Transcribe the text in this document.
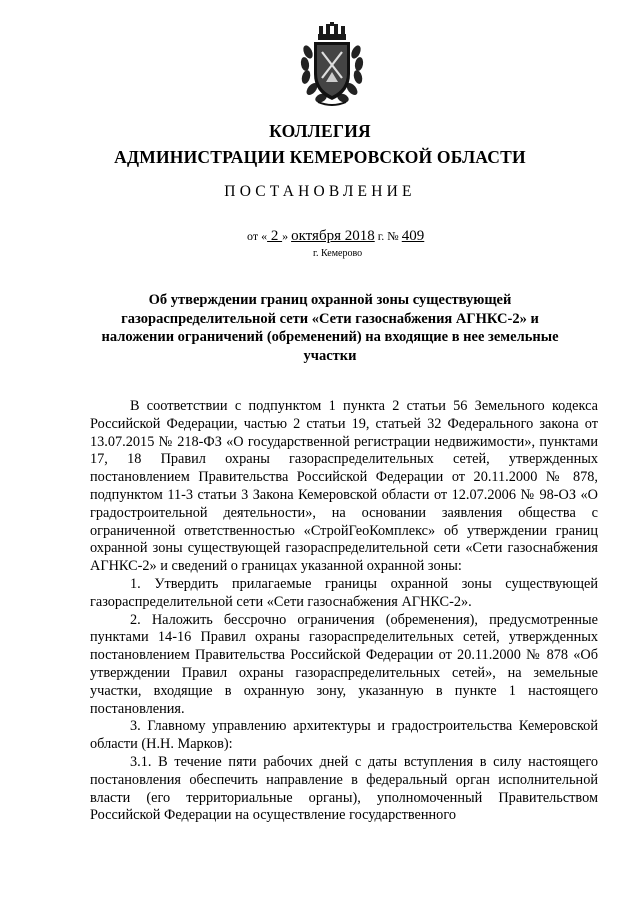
КОЛЛЕГИЯ
АДМИНИСТРАЦИИ КЕМЕРОВСКОЙ ОБЛАСТИ
ПОСТАНОВЛЕНИЕ
от « 2 » октября 2018 г. № 409
г. Кемерово
Об утверждении границ охранной зоны существующей газораспределительной сети «Сети газоснабжения АГНКС-2» и наложении ограничений (обременений) на входящие в нее земельные участки

В соответствии с подпунктом 1 пункта 2 статьи 56 Земельного кодекса Российской Федерации, частью 2 статьи 19, статьей 32 Федерального закона от 13.07.2015 № 218-ФЗ «О государственной регистрации недвижимости», пунктами 17, 18 Правил охраны газораспределительных сетей, утвержденных постановлением Правительства Российской Федерации от 20.11.2000 № 878, подпунктом 11-3 статьи 3 Закона Кемеровской области от 12.07.2006 № 98-ОЗ «О градостроительной деятельности», на основании заявления общества с ограниченной ответственностью «СтройГеоКомплекс» об утверждении границ охранной зоны существующей газораспределительной сети «Сети газоснабжения АГНКС-2» и сведений о границах указанной охранной зоны:

1. Утвердить прилагаемые границы охранной зоны существующей газораспределительной сети «Сети газоснабжения АГНКС-2».

2. Наложить бессрочно ограничения (обременения), предусмотренные пунктами 14-16 Правил охраны газораспределительных сетей, утвержденных постановлением Правительства Российской Федерации от 20.11.2000 № 878 «Об утверждении Правил охраны газораспределительных сетей», на земельные участки, входящие в охранную зону, указанную в пункте 1 настоящего постановления.

3. Главному управлению архитектуры и градостроительства Кемеровской области (Н.Н. Марков):

3.1. В течение пяти рабочих дней с даты вступления в силу настоящего постановления обеспечить направление в федеральный орган исполнительной власти (его территориальные органы), уполномоченный Правительством Российской Федерации на осуществление государственного
